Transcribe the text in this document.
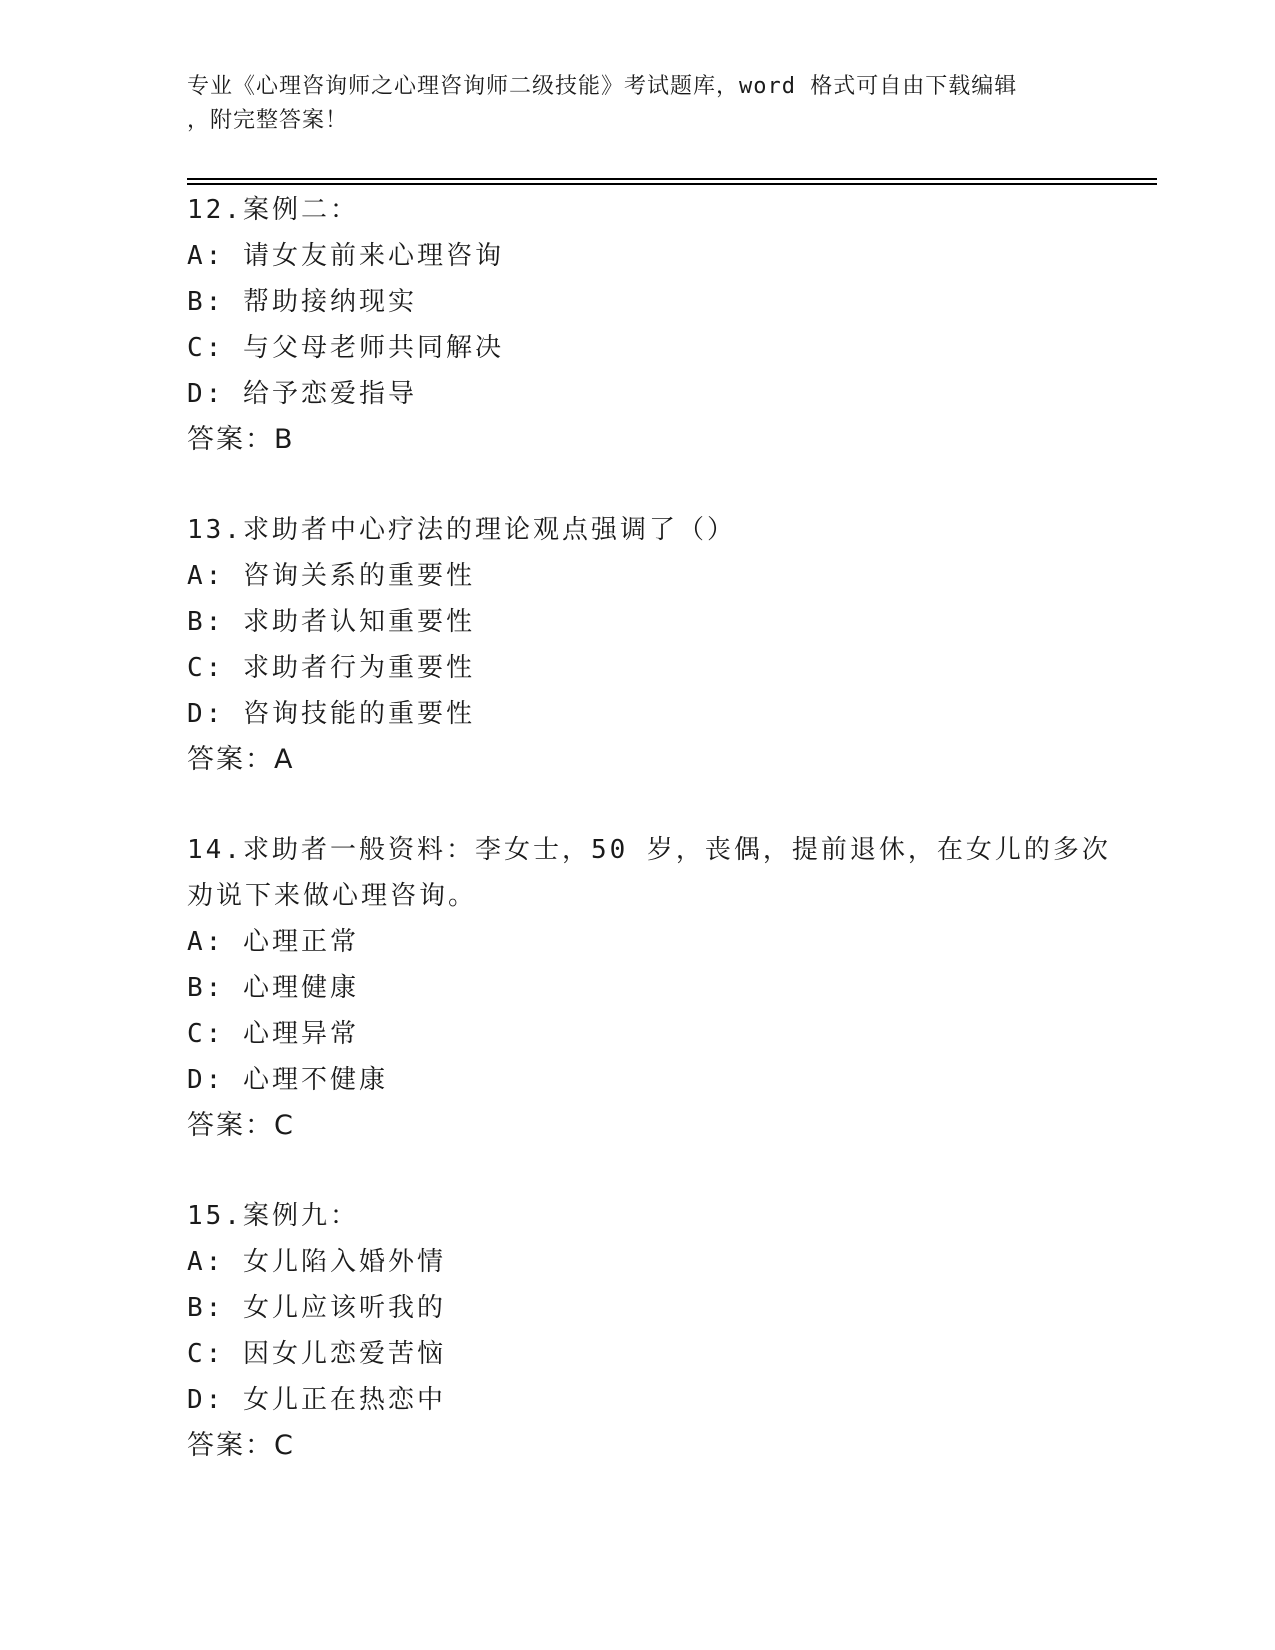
专业《心理咨询师之心理咨询师二级技能》考试题库，word 格式可自由下载编辑
，附完整答案！
12.案例二：
A: 请女友前来心理咨询
B: 帮助接纳现实
C: 与父母老师共同解决
D: 给予恋爱指导
答案：B
13.求助者中心疗法的理论观点强调了（）
A: 咨询关系的重要性
B: 求助者认知重要性
C: 求助者行为重要性
D: 咨询技能的重要性
答案：A
14.求助者一般资料：李女士，50 岁，丧偶，提前退休，在女儿的多次
劝说下来做心理咨询。
A: 心理正常
B: 心理健康
C: 心理异常
D: 心理不健康
答案：C
15.案例九：
A: 女儿陷入婚外情
B: 女儿应该听我的
C: 因女儿恋爱苦恼
D: 女儿正在热恋中
答案：C
